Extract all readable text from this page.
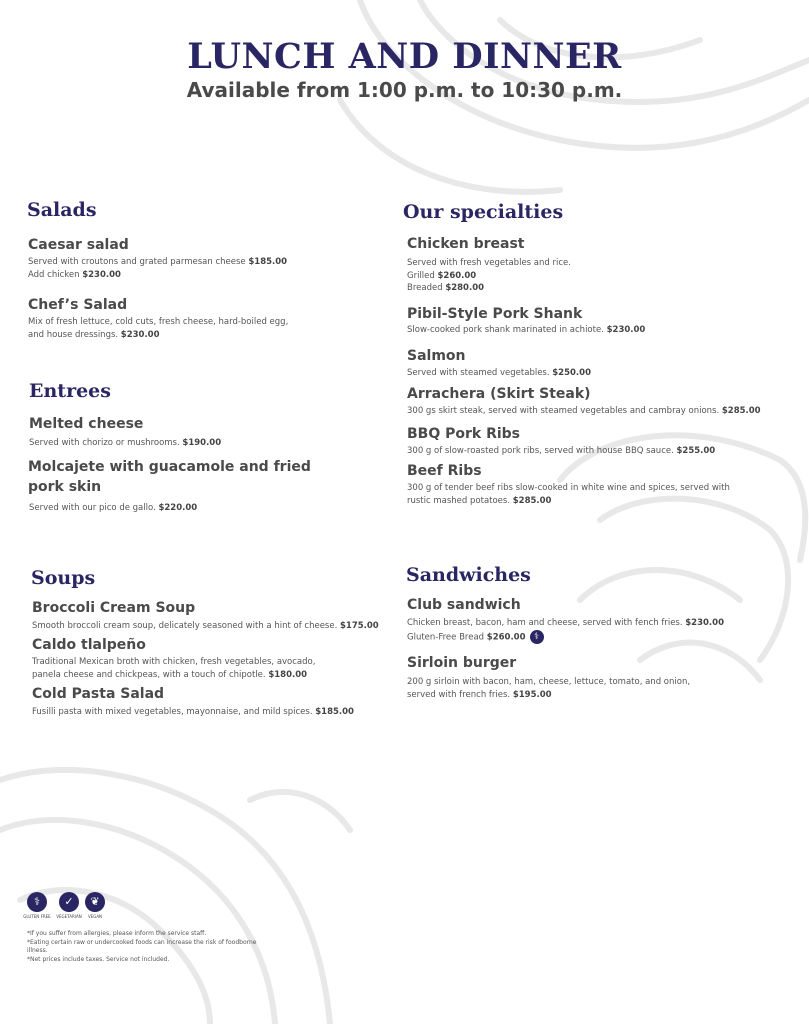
LUNCH AND DINNER
Available from 1:00 p.m. to 10:30 p.m.
Salads
Caesar salad
Served with croutons and grated parmesan cheese $185.00
Add chicken $230.00
Chef’s Salad
Mix of fresh lettuce, cold cuts, fresh cheese, hard-boiled egg,
and house dressings. $230.00
Entrees
Melted cheese
Served with chorizo or mushrooms. $190.00
Molcajete with guacamole and fried
pork skin
Served with our pico de gallo. $220.00
Soups
Broccoli Cream Soup
Smooth broccoli cream soup, delicately seasoned with a hint of cheese. $175.00
Caldo tlalpeño
Traditional Mexican broth with chicken, fresh vegetables, avocado,
panela cheese and chickpeas, with a touch of chipotle. $180.00
Cold Pasta Salad
Fusilli pasta with mixed vegetables, mayonnaise, and mild spices. $185.00
Our specialties
Chicken breast
Served with fresh vegetables and rice.
Grilled $260.00
Breaded $280.00
Pibil-Style Pork Shank
Slow-cooked pork shank marinated in achiote. $230.00
Salmon
Served with steamed vegetables. $250.00
Arrachera (Skirt Steak)
300 gs skirt steak, served with steamed vegetables and cambray onions. $285.00
BBQ Pork Ribs
300 g of slow-roasted pork ribs, served with house BBQ sauce. $255.00
Beef Ribs
300 g of tender beef ribs slow-cooked in white wine and spices, served with
rustic mashed potatoes. $285.00
Sandwiches
Club sandwich
Chicken breast, bacon, ham and cheese, served with fench fries. $230.00
Gluten-Free Bread $260.00 ⚕
Sirloin burger
200 g sirloin with bacon, ham, cheese, lettuce, tomato, and onion,
served with french fries. $195.00
⚕
GLUTEN FREE
✓
VEGETARIAN
❦
VEGAN
*If you suffer from allergies, please inform the service staff.
*Eating certain raw or undercooked foods can increase the risk of foodborne illness.
*Net prices include taxes. Service not included.
